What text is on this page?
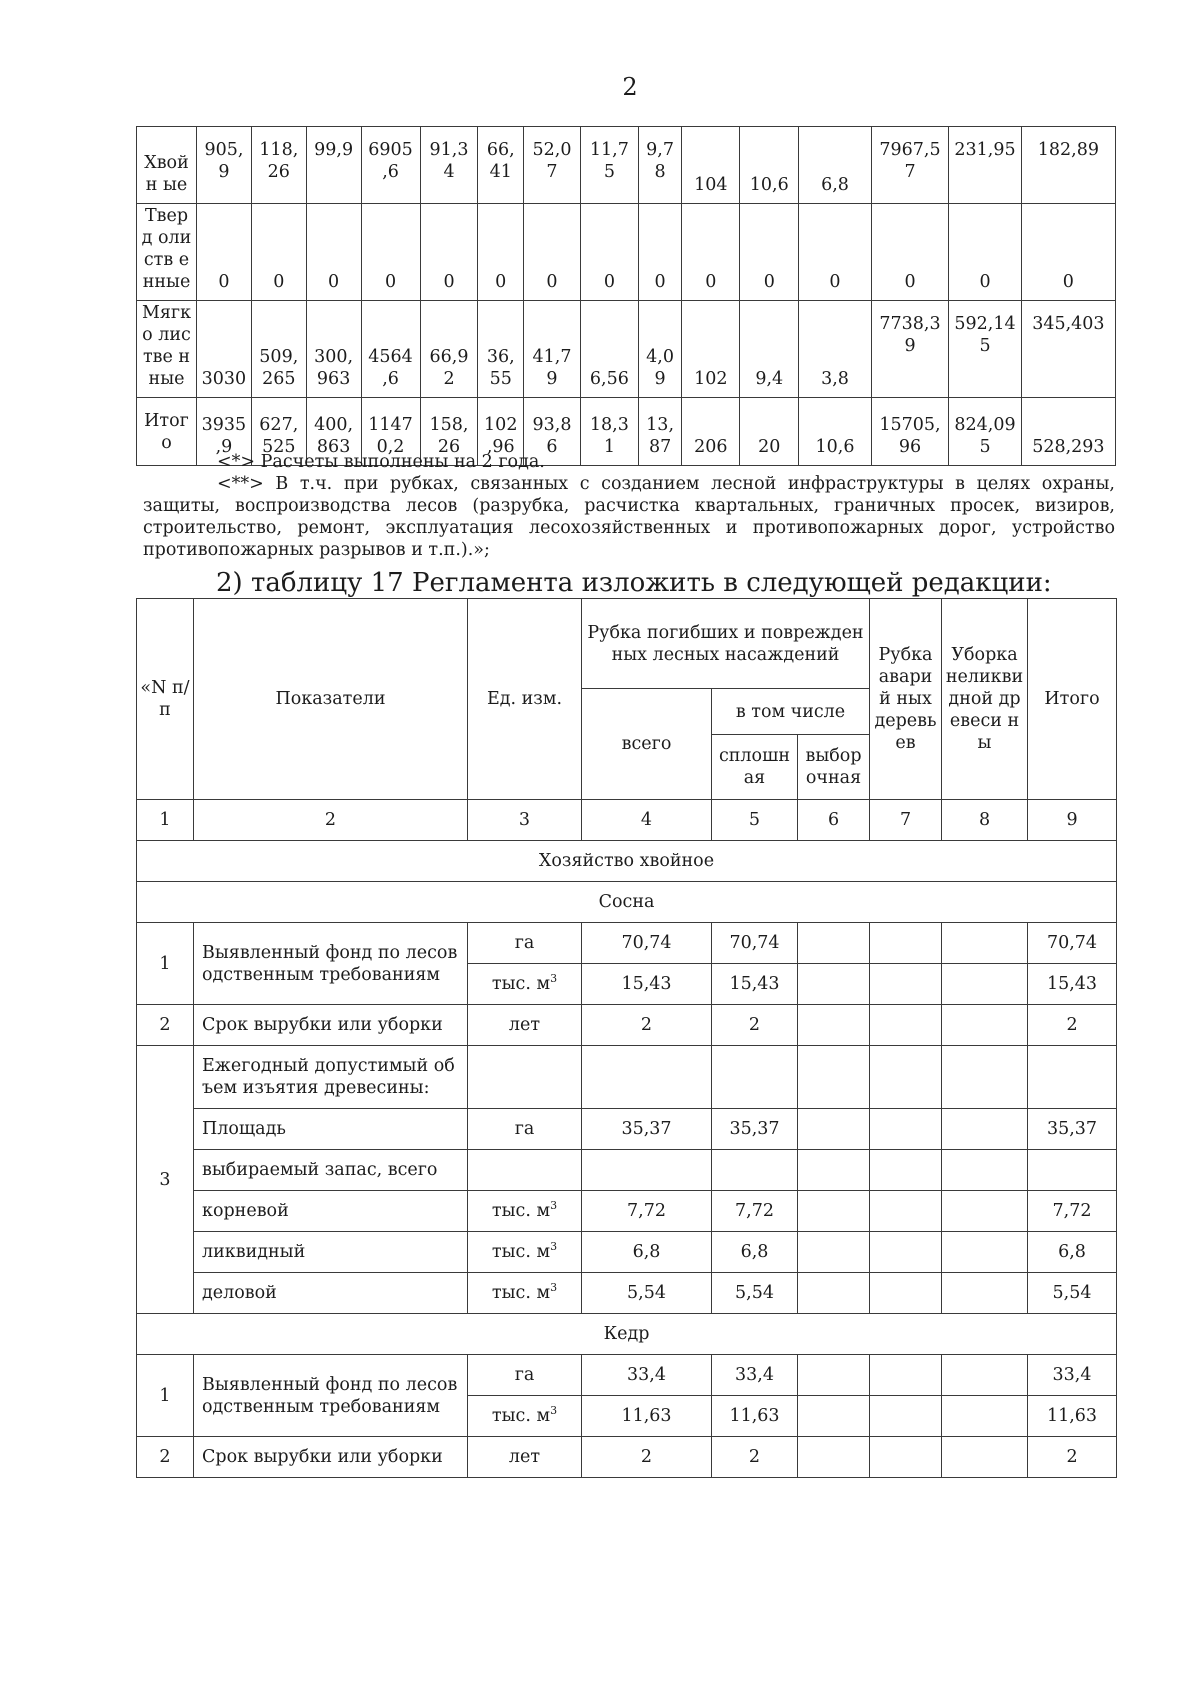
2
Хвойн ые	905, 9	118, 26	99,9	6905 ,6	91,3 4	66, 41	52,0 7	11,7 5	9,7 8	104	10,6	6,8	7967,5 7	231,95	182,89
Тверд олиств енные	0	0	0	0	0	0	0	0	0	0	0	0	0	0	0
Мягко листве нные	3030	509, 265	300, 963	4564 ,6	66,9 2	36, 55	41,7 9	6,56	4,0 9	102	9,4	3,8	7738,3 9	592,14 5	345,403
Итого	3935 ,9	627, 525	400, 863	1147 0,2	158, 26	102 ,96	93,8 6	18,3 1	13, 87	206	20	10,6	15705, 96	824,09 5	528,293
<*> Расчеты выполнены на 2 года.
<**> В т.ч. при рубках, связанных с созданием лесной инфраструктуры в целях охраны, защиты, воспроизводства лесов (разрубка, расчистка квартальных, граничных просек, визиров, строительство, ремонт, эксплуатация лесохозяйственных и противопожарных дорог, устройство противопожарных разрывов и т.п.).»;
2) таблицу 17 Регламента изложить в следующей редакции:
«N п/п	Показатели	Ед. изм.	Рубка погибших и поврежденных лесных насаждений			Рубка аварий ных деревь ев	Уборка неликви дной древеси ны	Итого
			всего	в том числе				
				сплошн ая	выбор очная			
1	2	3	4	5	6	7	8	9
Хозяйство хвойное								
Сосна								
1	Выявленный фонд по лесоводственным требованиям	га	70,74	70,74				70,74
		тыс. $м^3$	15,43	15,43				15,43
2	Срок вырубки или уборки	лет	2	2				2
3	Ежегодный допустимый объем изъятия древесины:							
	Площадь	га	35,37	35,37				35,37
	выбираемый запас, всего							
	корневой	тыс. $м^3$	7,72	7,72				7,72
	ликвидный	тыс. $м^3$	6,8	6,8				6,8
	деловой	тыс. $м^3$	5,54	5,54				5,54
Кедр								
1	Выявленный фонд по лесоводственным требованиям	га	33,4	33,4				33,4
		тыс. $м^3$	11,63	11,63				11,63
2	Срок вырубки или уборки	лет	2	2				2
